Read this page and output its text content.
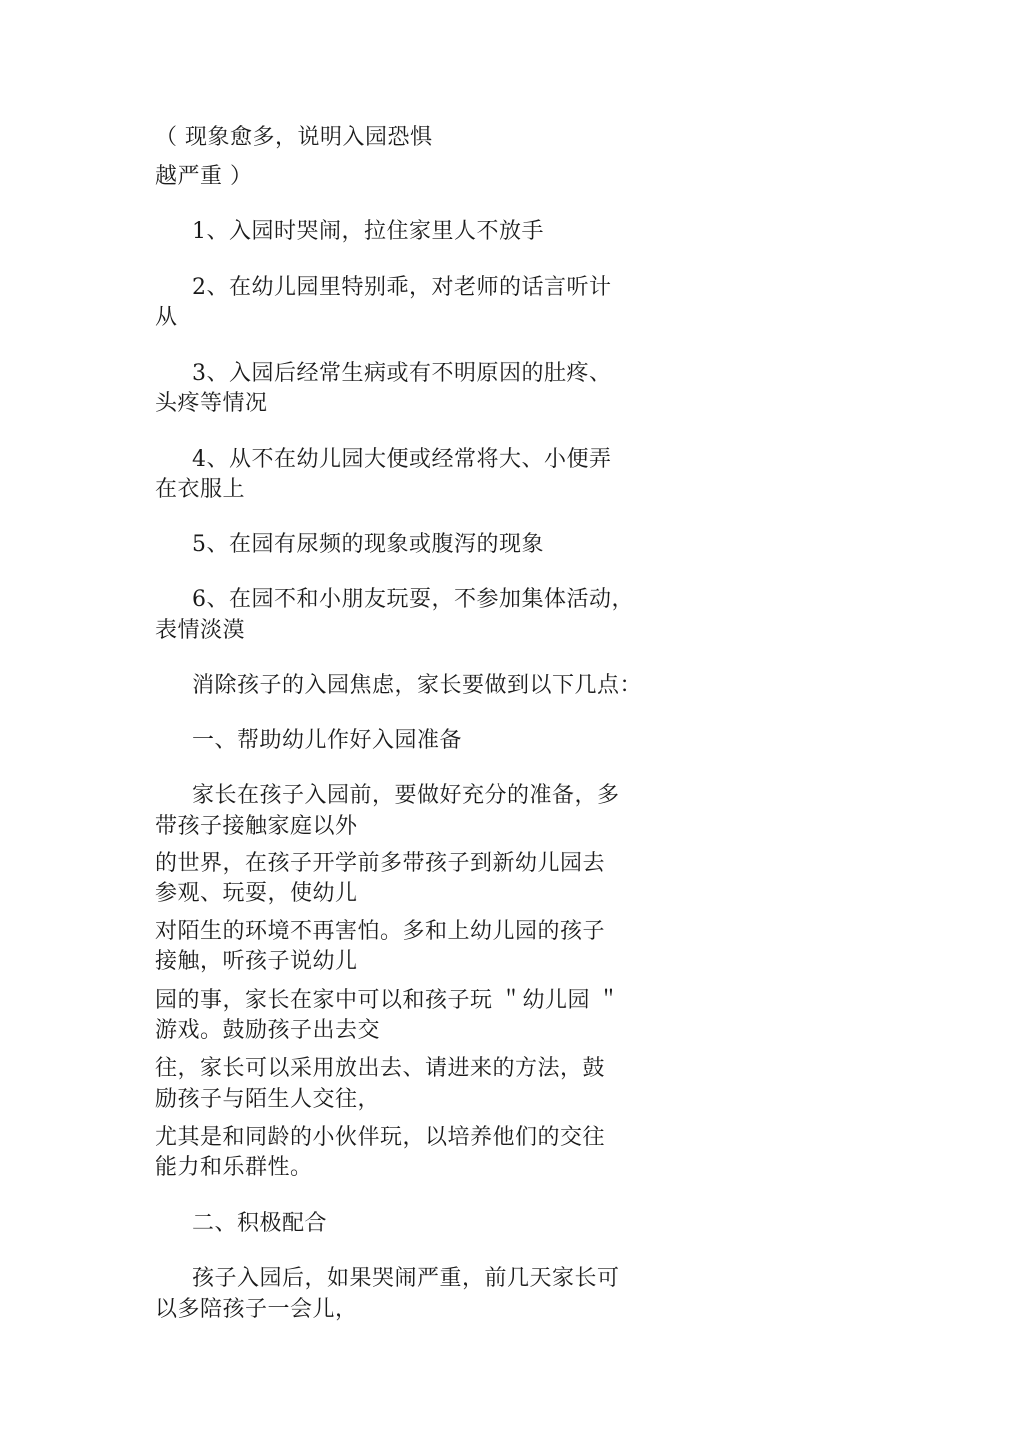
（ 现象愈多，说明入园恐惧
越严重 ）
1、入园时哭闹，拉住家里人不放手
2、在幼儿园里特别乖，对老师的话言听计
从
3、入园后经常生病或有不明原因的肚疼、
头疼等情况
4、从不在幼儿园大便或经常将大、小便弄
在衣服上
5、在园有尿频的现象或腹泻的现象
6、在园不和小朋友玩耍，不参加集体活动，
表情淡漠
消除孩子的入园焦虑，家长要做到以下几点：
一、帮助幼儿作好入园准备
家长在孩子入园前，要做好充分的准备，多
带孩子接触家庭以外
的世界，在孩子开学前多带孩子到新幼儿园去
参观、玩耍，使幼儿
对陌生的环境不再害怕。多和上幼儿园的孩子
接触，听孩子说幼儿
园的事，家长在家中可以和孩子玩 ＂幼儿园 ＂
游戏。鼓励孩子出去交
往，家长可以采用放出去、请进来的方法，鼓
励孩子与陌生人交往，
尤其是和同龄的小伙伴玩，以培养他们的交往
能力和乐群性。
二、积极配合
孩子入园后，如果哭闹严重，前几天家长可
以多陪孩子一会儿，
